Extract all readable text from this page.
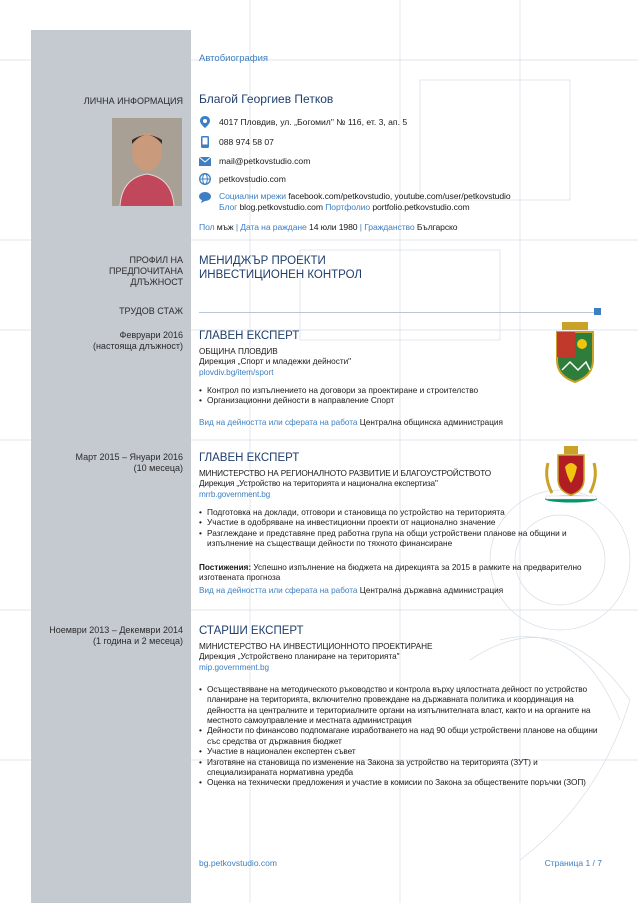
Автобиография
ЛИЧНА ИНФОРМАЦИЯ
ПРОФИЛ НА
ПРЕДПОЧИТАНА
ДЛЪЖНОСТ
ТРУДОВ СТАЖ
Благой Георгиев Петков
4017 Пловдив, ул. „Богомил" № 116, ет. 3, ап. 5
088 974 58 07
mail@petkovstudio.com
petkovstudio.com
Социални мрежи facebook.com/petkovstudio, youtube.com/user/petkovstudio
Блог blog.petkovstudio.com Портфолио portfolio.petkovstudio.com
Пол мъж | Дата на раждане 14 юли 1980 | Гражданство Българско
МЕНИДЖЪР ПРОЕКТИ
ИНВЕСТИЦИОНЕН КОНТРОЛ
Февруари 2016
(настояща длъжност)
ГЛАВЕН ЕКСПЕРТ
ОБЩИНА ПЛОВДИВ
Дирекция „Спорт и младежки дейности"
plovdiv.bg/item/sport
• Контрол по изпълнението на договори за проектиране и строителство
• Организационни дейности в направление Спорт
Вид на дейността или сферата на работа Централна общинска администрация
Март 2015 – Януари 2016
(10 месеца)
ГЛАВЕН ЕКСПЕРТ
МИНИСТЕРСТВО НА РЕГИОНАЛНОТО РАЗВИТИЕ И БЛАГОУСТРОЙСТВОТО
Дирекция „Устройство на територията и национална експертиза"
mrrb.government.bg
• Подготовка на доклади, отговори и становища по устройство на територията
• Участие в одобряване на инвестиционни проекти от национално значение
• Разглеждане и представяне пред работна група на общи устройствени планове на общини и изпълнение на съществащи дейности по тяхното финансиране
Постижения: Успешно изпълнение на бюджета на дирекцията за 2015 в рамките на предварително изготвената прогноза
Вид на дейността или сферата на работа Централна държавна администрация
Ноември 2013 – Декември 2014
(1 година и 2 месеца)
СТАРШИ ЕКСПЕРТ
МИНИСТЕРСТВО НА ИНВЕСТИЦИОННОТО ПРОЕКТИРАНЕ
Дирекция „Устройствено планиране на територията"
mip.government.bg
• Осъществяване на методическото ръководство и контрола върху цялостната дейност по устройство планиране на територията, включително провеждане на държавната политика и координация на дейността на централните и териториалните органи на изпълнителната власт, както и на органите на местното самоуправление и местната администрация
• Дейности по финансово подпомагане изработването на над 90 общи устройствени планове на общини със средства от държавния бюджет
• Участие в национален експертен съвет
• Изготвяне на становища по изменение на Закона за устройство на територията (ЗУТ) и специализираната нормативна уредба
• Оценка на технически предложения и участие в комисии по Закона за обществените поръчки (ЗОП)
bg.petkovstudio.com	Страница 1 / 7
